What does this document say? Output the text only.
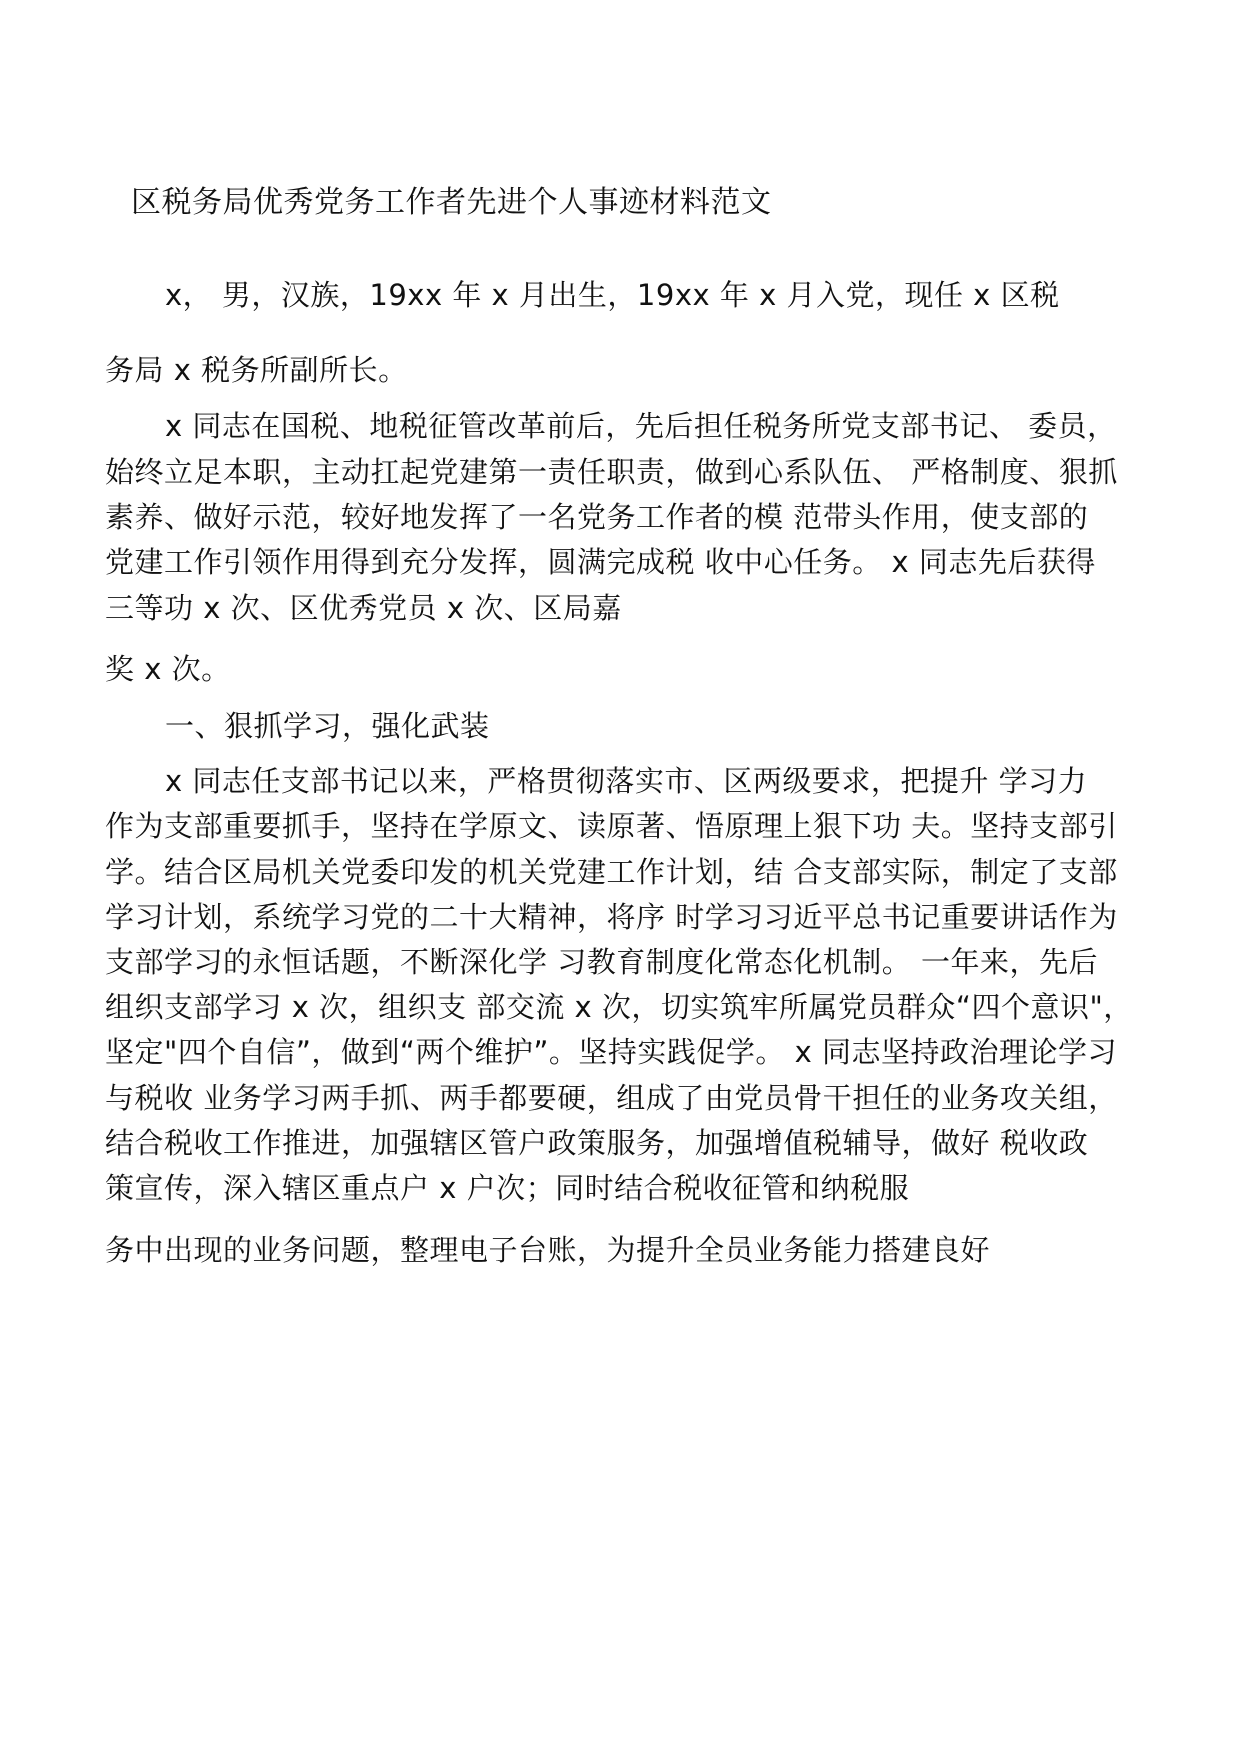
区税务局优秀党务工作者先进个人事迹材料范文
x， 男，汉族，19xx 年 x 月出生，19xx 年 x 月入党，现任 x 区税
务局 x 税务所副所长。
x 同志在国税、地税征管改革前后，先后担任税务所党支部书记、 委员，
始终立足本职，主动扛起党建第一责任职责，做到心系队伍、 严格制度、狠抓
素养、做好示范，较好地发挥了一名党务工作者的模 范带头作用，使支部的
党建工作引领作用得到充分发挥，圆满完成税 收中心任务。 x 同志先后获得
三等功 x 次、区优秀党员 x 次、区局嘉
奖 x 次。
一、狠抓学习，强化武装
x 同志任支部书记以来，严格贯彻落实市、区两级要求，把提升 学习力
作为支部重要抓手，坚持在学原文、读原著、悟原理上狠下功 夫。坚持支部引
学。结合区局机关党委印发的机关党建工作计划，结 合支部实际，制定了支部
学习计划，系统学习党的二十大精神，将序 时学习习近平总书记重要讲话作为
支部学习的永恒话题，不断深化学 习教育制度化常态化机制。 一年来，先后
组织支部学习 x 次，组织支 部交流 x 次，切实筑牢所属党员群众“四个意识"，
坚定"四个自信”，做到“两个维护”。坚持实践促学。 x 同志坚持政治理论学习
与税收 业务学习两手抓、两手都要硬，组成了由党员骨干担任的业务攻关组，
结合税收工作推进，加强辖区管户政策服务，加强增值税辅导，做好 税收政
策宣传，深入辖区重点户 x 户次；同时结合税收征管和纳税服
务中出现的业务问题，整理电子台账，为提升全员业务能力搭建良好
